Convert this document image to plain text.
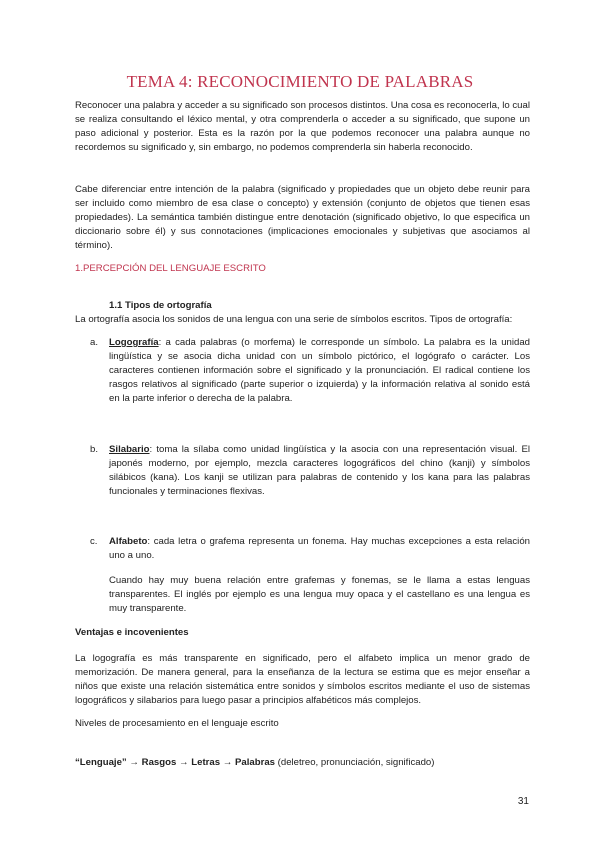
TEMA 4: RECONOCIMIENTO DE PALABRAS

Reconocer una palabra y acceder a su significado son procesos distintos. Una cosa es reconocerla, lo cual se realiza consultando el léxico mental, y otra comprenderla o acceder a su significado, que supone un paso adicional y posterior. Esta es la razón por la que podemos reconocer una palabra aunque no recordemos su significado y, sin embargo, no podemos comprenderla sin haberla reconocido.

Cabe diferenciar entre intención de la palabra (significado y propiedades que un objeto debe reunir para ser incluido como miembro de esa clase o concepto) y extensión (conjunto de objetos que tienen esas propiedades). La semántica también distingue entre denotación (significado objetivo, lo que especifica un diccionario sobre él) y sus connotaciones (implicaciones emocionales y subjetivas que asociamos al término).

1.PERCEPCIÓN DEL LENGUAJE ESCRITO
1.1 Tipos de ortografía

La ortografía asocia los sonidos de una lengua con una serie de símbolos escritos. Tipos de ortografía:

a. Logografía: a cada palabras (o morfema) le corresponde un símbolo. La palabra es la unidad lingüística y se asocia dicha unidad con un símbolo pictórico, el logógrafo o carácter. Los caracteres contienen información sobre el significado y la pronunciación. El radical contiene los rasgos relativos al significado (parte superior o izquierda) y la información relativa al sonido está en la parte inferior o derecha de la palabra.

b. Silabario: toma la sílaba como unidad lingüística y la asocia con una representación visual. El japonés moderno, por ejemplo, mezcla caracteres logográficos del chino (kanji) y símbolos silábicos (kana). Los kanji se utilizan para palabras de contenido y los kana para las palabras funcionales y terminaciones flexivas.

c. Alfabeto: cada letra o grafema representa un fonema. Hay muchas excepciones a esta relación uno a uno.

Cuando hay muy buena relación entre grafemas y fonemas, se le llama a estas lenguas transparentes. El inglés por ejemplo es una lengua muy opaca y el castellano es una lengua es muy transparente.

Ventajas e incovenientes

La logografía es más transparente en significado, pero el alfabeto implica un menor grado de memorización. De manera general, para la enseñanza de la lectura se estima que es mejor enseñar a niños que existe una relación sistemática entre sonidos y símbolos escritos mediante el uso de sistemas logográficos y silabarios para luego pasar a principios alfabéticos más complejos.

Niveles de procesamiento en el lenguaje escrito

“Lenguaje” → Rasgos → Letras → Palabras (deletreo, pronunciación, significado)
31
